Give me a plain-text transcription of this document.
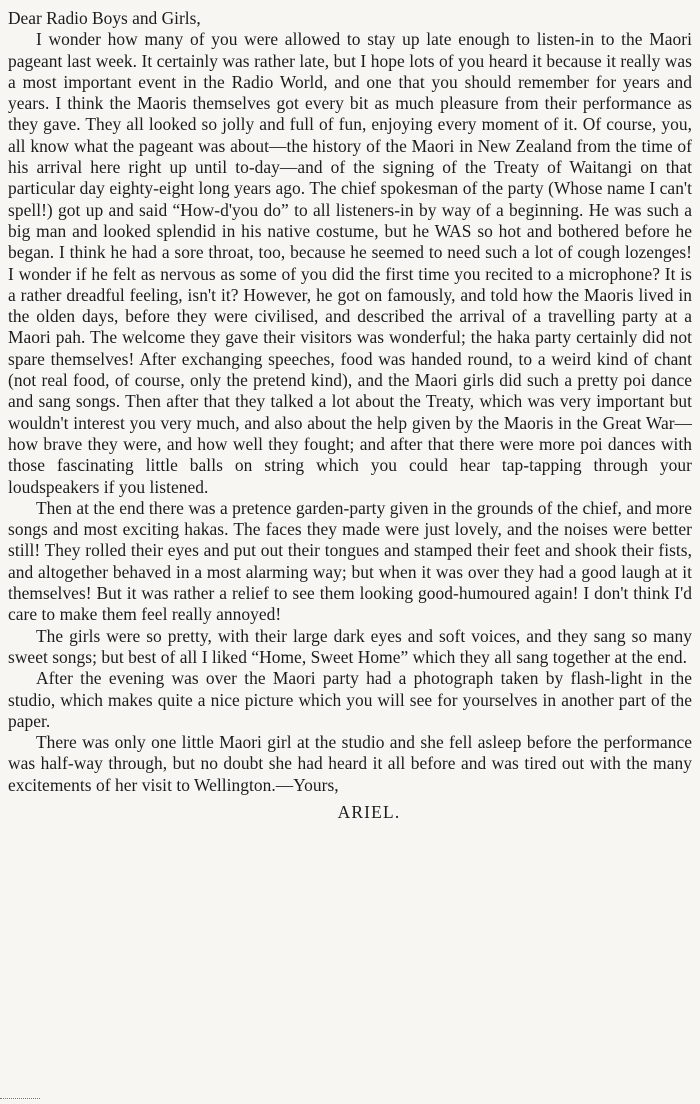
Dear Radio Boys and Girls,

I wonder how many of you were allowed to stay up late enough to listen-in to the Maori pageant last week. It certainly was rather late, but I hope lots of you heard it because it really was a most important event in the Radio World, and one that you should remember for years and years. I think the Maoris themselves got every bit as much pleasure from their performance as they gave. They all looked so jolly and full of fun, enjoying every moment of it. Of course, you, all know what the pageant was about—the history of the Maori in New Zealand from the time of his arrival here right up until to-day—and of the signing of the Treaty of Waitangi on that particular day eighty-eight long years ago. The chief spokesman of the party (Whose name I can't spell!) got up and said “How-d'you do” to all listeners-in by way of a beginning. He was such a big man and looked splendid in his native costume, but he WAS so hot and bothered before he began. I think he had a sore throat, too, because he seemed to need such a lot of cough lozenges! I wonder if he felt as nervous as some of you did the first time you recited to a microphone? It is a rather dreadful feeling, isn't it? However, he got on famously, and told how the Maoris lived in the olden days, before they were civilised, and described the arrival of a travelling party at a Maori pah. The welcome they gave their visitors was wonderful; the haka party certainly did not spare themselves! After exchanging speeches, food was handed round, to a weird kind of chant (not real food, of course, only the pretend kind), and the Maori girls did such a pretty poi dance and sang songs. Then after that they talked a lot about the Treaty, which was very important but wouldn't interest you very much, and also about the help given by the Maoris in the Great War—how brave they were, and how well they fought; and after that there were more poi dances with those fascinating little balls on string which you could hear tap-tapping through your loudspeakers if you listened.

Then at the end there was a pretence garden-party given in the grounds of the chief, and more songs and most exciting hakas. The faces they made were just lovely, and the noises were better still! They rolled their eyes and put out their tongues and stamped their feet and shook their fists, and altogether behaved in a most alarming way; but when it was over they had a good laugh at it themselves! But it was rather a relief to see them looking good-humoured again! I don't think I'd care to make them feel really annoyed!

The girls were so pretty, with their large dark eyes and soft voices, and they sang so many sweet songs; but best of all I liked “Home, Sweet Home” which they all sang together at the end.

After the evening was over the Maori party had a photograph taken by flash-light in the studio, which makes quite a nice picture which you will see for yourselves in another part of the paper.

There was only one little Maori girl at the studio and she fell asleep before the performance was half-way through, but no doubt she had heard it all before and was tired out with the many excitements of her visit to Wellington.—Yours,

ARIEL.
